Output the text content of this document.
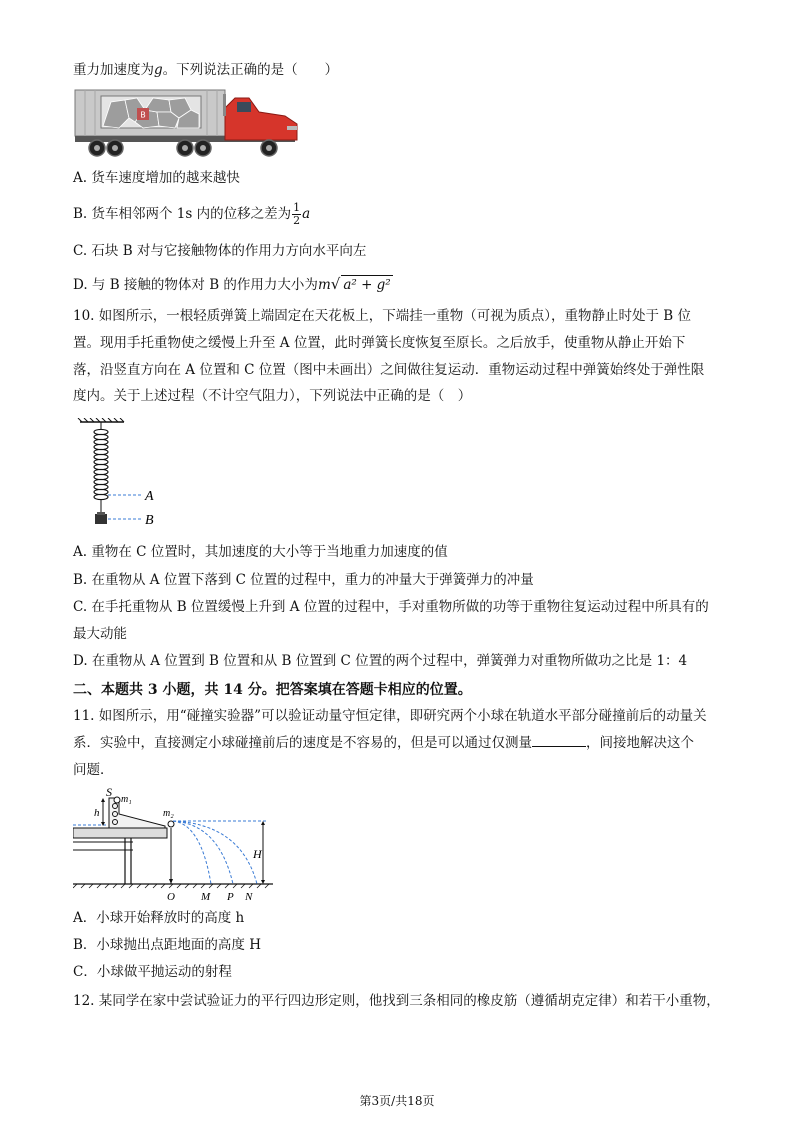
重力加速度为g。下列说法正确的是（　　）
B
A. 货车速度增加的越来越快
B. 货车相邻两个 1s 内的位移之差为 $\frac{1}{2}$ a
C. 石块 B 对与它接触物体的作用力方向水平向左
D. 与 B 接触的物体对 B 的作用力大小为m√ a² + g²
10. 如图所示，一根轻质弹簧上端固定在天花板上，下端挂一重物（可视为质点），重物静止时处于 B 位
置。现用手托重物使之缓慢上升至 A 位置，此时弹簧长度恢复至原长。之后放手，使重物从静止开始下
落，沿竖直方向在 A 位置和 C 位置（图中未画出）之间做往复运动．重物运动过程中弹簧始终处于弹性限
度内。关于上述过程（不计空气阻力），下列说法中正确的是（　）
A
B
A. 重物在 C 位置时，其加速度的大小等于当地重力加速度的值
B. 在重物从 A 位置下落到 C 位置的过程中，重力的冲量大于弹簧弹力的冲量
C. 在手托重物从 B 位置缓慢上升到 A 位置的过程中，手对重物所做的功等于重物往复运动过程中所具有的
最大动能
D. 在重物从 A 位置到 B 位置和从 B 位置到 C 位置的两个过程中，弹簧弹力对重物所做功之比是 1：4
二、本题共 3 小题，共 14 分。把答案填在答题卡相应的位置。
11. 如图所示，用“碰撞实验器”可以验证动量守恒定律，即研究两个小球在轨道水平部分碰撞前后的动量关
系．实验中，直接测定小球碰撞前后的速度是不容易的，但是可以通过仅测量	，间接地解决这个
问题．
S
m₁
m₂
h
H
O M P N
A．小球开始释放时的高度 h
B．小球抛出点距地面的高度 H
C．小球做平抛运动的射程
12. 某同学在家中尝试验证力的平行四边形定则，他找到三条相同的橡皮筋（遵循胡克定律）和若干小重物，
第3页/共18页
